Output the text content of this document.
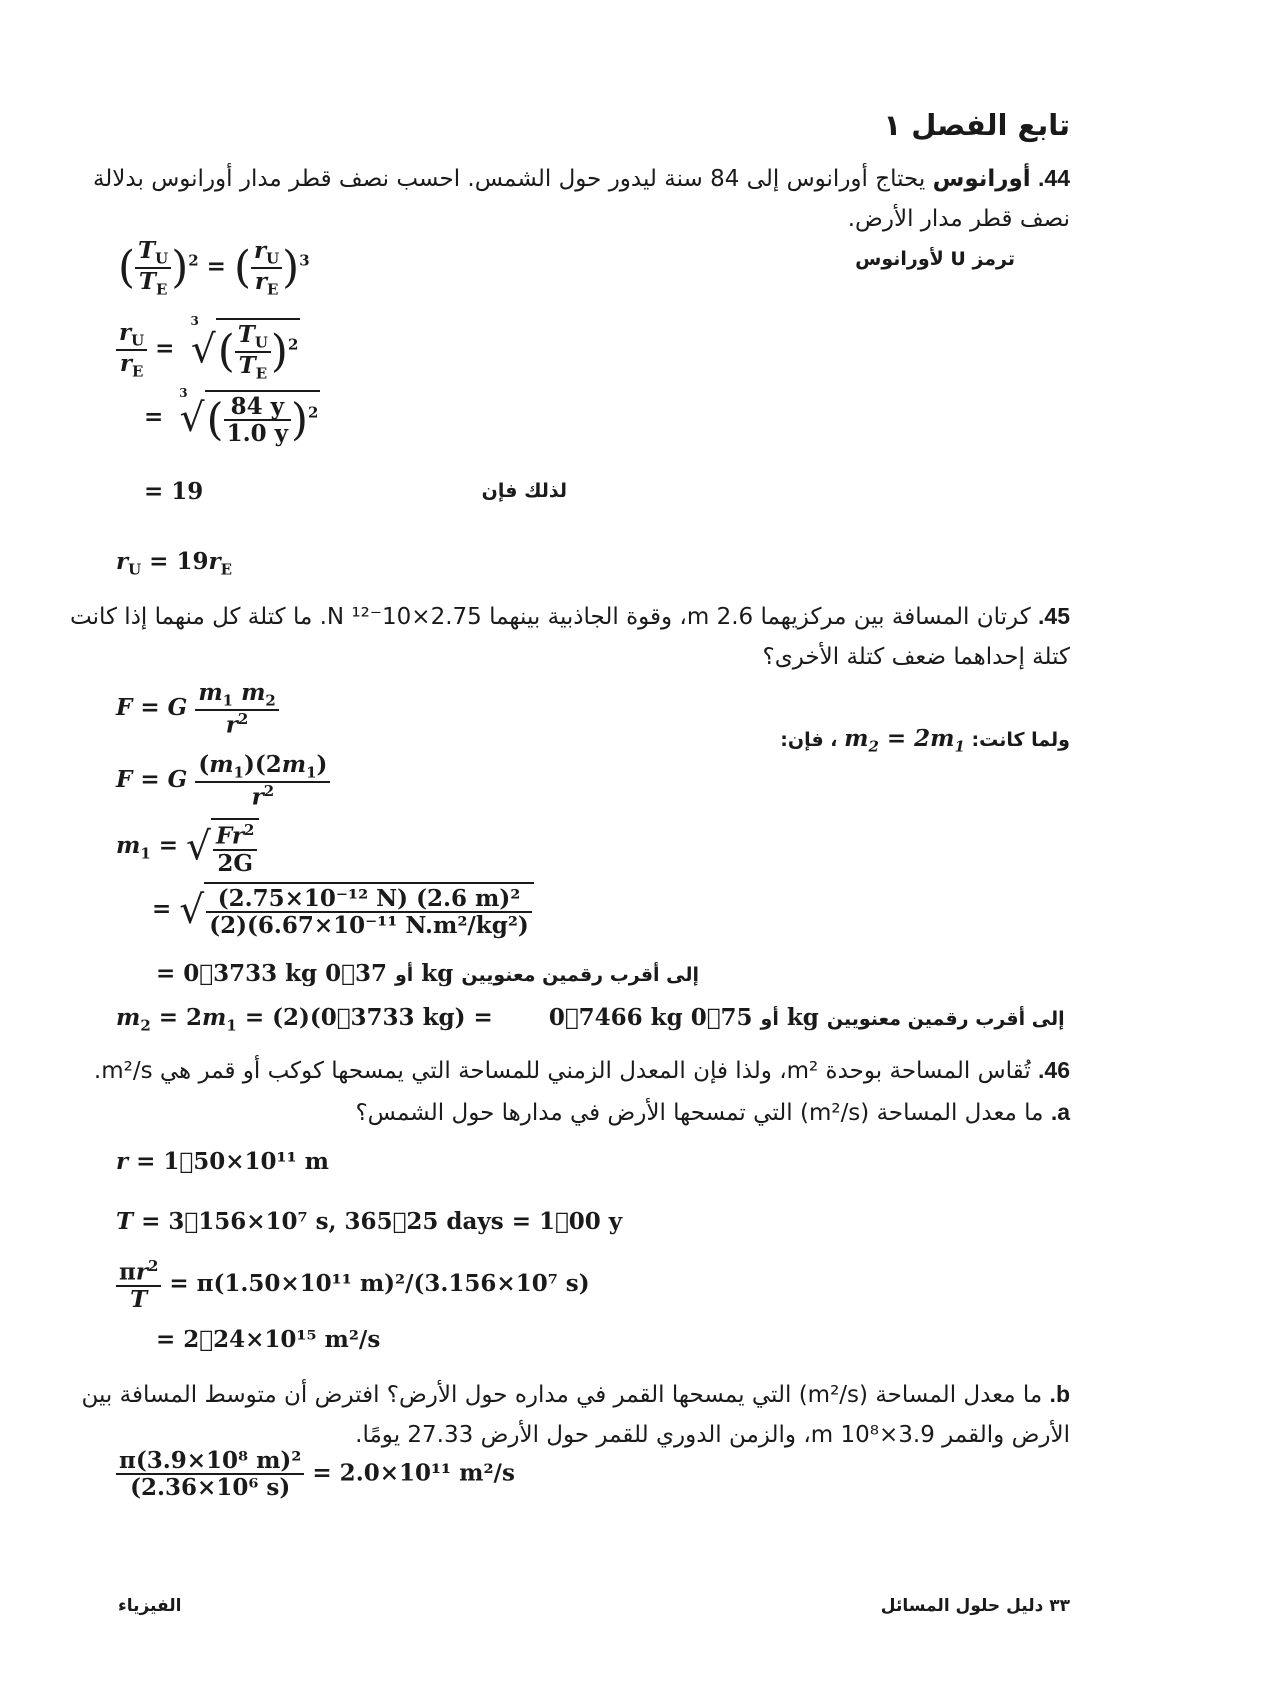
تابع الفصل ١
44. أورانوس يحتاج أورانوس إلى 84 سنة ليدور حول الشمس. احسب نصف قطر مدار أورانوس بدلالة نصف قطر مدار الأرض.
ترمز U لأورانوس
( $\frac{T_U}{T_E} )^2$ = ( $\frac{r_U}{r_E} )^3$
$\frac{r_U}{r_E} = ^3√( \frac{T_U}{T_E} )^2$
= $^3√( \frac{84 y}{1.0 y} )^2$
= 19	لذلك فإن
$r_U = 19r_E$
45. كرتان المسافة بين مركزيهما 2.6 m، وقوة الجاذبية بينهما 2.75×10⁻¹² N. ما كتلة كل منهما إذا كانت كتلة إحداهما ضعف كتلة الأخرى؟
F = G $\frac{m_1 m_2}{r^2}$
، فإن: $m_2 = 2m_1$ ولما كانت:
F = G $\frac{(m_1)(2m_1)}{r^2}$
$m_1$ = √ $\frac{Fr^2}{2G}$
= √ $\frac{\text{(2.75×10⁻¹² N) (2.6 m)²}}{\text{(2)(6.67×10⁻¹¹ N.m²/kg²)}}$
= 0⃞3733 kg	أو 0⃞37 kg إلى أقرب رقمين معنويين
$m_2 = 2m_1$ = (2)(0⃞3733 kg) = 0⃞7466 kg	أو 0⃞75 kg إلى أقرب رقمين معنويين
46. تُقاس المساحة بوحدة m²، ولذا فإن المعدل الزمني للمساحة التي يمسحها كوكب أو قمر هي m²/s.
a. ما معدل المساحة (m²/s) التي تمسحها الأرض في مدارها حول الشمس؟
r = 1⃞50×10¹¹ m
T = 3⃞156×10⁷ s, 365⃞25 days = 1⃞00 y
$\frac{\pi r^2}{T} = \pi(1.50\times 10^{11}$ m)²/(3.156×10⁷ s)
= 2⃞24×10¹⁵ m²/s
b. ما معدل المساحة (m²/s) التي يمسحها القمر في مداره حول الأرض؟ افترض أن متوسط المسافة بين الأرض والقمر 3.9×10⁸ m، والزمن الدوري للقمر حول الأرض 27.33 يومًا.
$\frac{\text{π(3.9×10⁸ m)²}}{\text{(2.36×10⁶ s)}} = 2.0\times 10^{11}$ m²/s
٣٣ دليل حلول المسائل
الفيزياء
